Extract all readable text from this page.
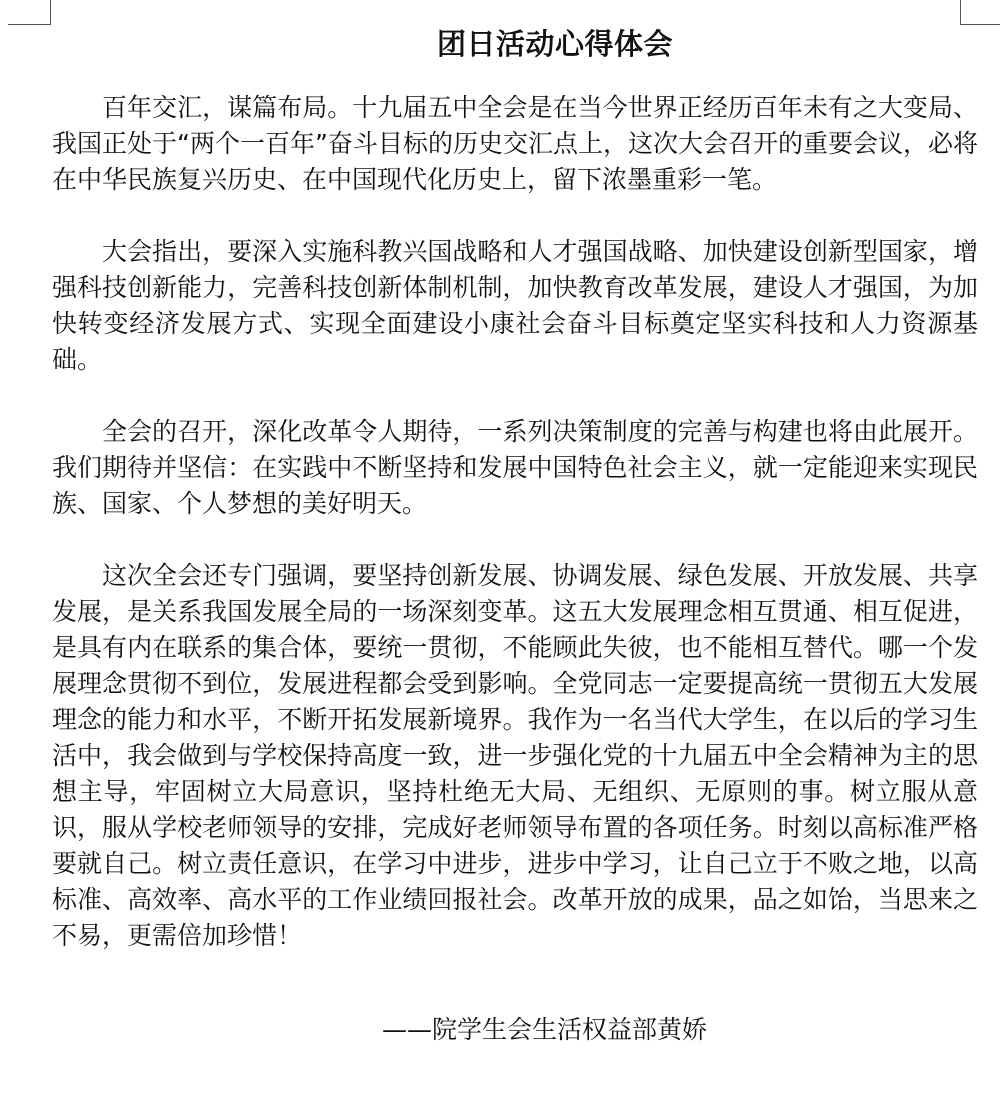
团日活动心得体会

百年交汇，谋篇布局。十九届五中全会是在当今世界正经历百年未有之大变局、我国正处于“两个一百年”奋斗目标的历史交汇点上，这次大会召开的重要会议，必将在中华民族复兴历史、在中国现代化历史上，留下浓墨重彩一笔。

大会指出，要深入实施科教兴国战略和人才强国战略、加快建设创新型国家，增强科技创新能力，完善科技创新体制机制，加快教育改革发展，建设人才强国，为加快转变经济发展方式、实现全面建设小康社会奋斗目标奠定坚实科技和人力资源基础。

全会的召开，深化改革令人期待，一系列决策制度的完善与构建也将由此展开。我们期待并坚信：在实践中不断坚持和发展中国特色社会主义，就一定能迎来实现民族、国家、个人梦想的美好明天。

这次全会还专门强调，要坚持创新发展、协调发展、绿色发展、开放发展、共享发展，是关系我国发展全局的一场深刻变革。这五大发展理念相互贯通、相互促进，是具有内在联系的集合体，要统一贯彻，不能顾此失彼，也不能相互替代。哪一个发展理念贯彻不到位，发展进程都会受到影响。全党同志一定要提高统一贯彻五大发展理念的能力和水平，不断开拓发展新境界。我作为一名当代大学生，在以后的学习生活中，我会做到与学校保持高度一致，进一步强化党的十九届五中全会精神为主的思想主导，牢固树立大局意识，坚持杜绝无大局、无组织、无原则的事。树立服从意识，服从学校老师领导的安排，完成好老师领导布置的各项任务。时刻以高标准严格要就自己。树立责任意识，在学习中进步，进步中学习，让自己立于不败之地，以高标准、高效率、高水平的工作业绩回报社会。改革开放的成果，品之如饴，当思来之不易，更需倍加珍惜！

——院学生会生活权益部黄娇
